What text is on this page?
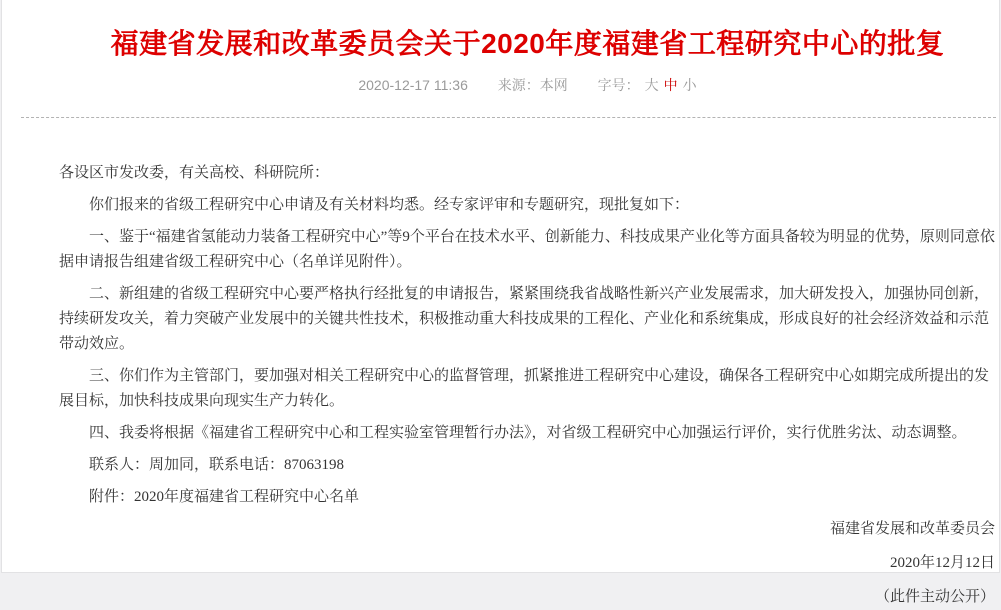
福建省发展和改革委员会关于2020年度福建省工程研究中心的批复
2020-12-17 11:36 来源：本网 字号： 大 中 小

各设区市发改委，有关高校、科研院所：

你们报来的省级工程研究中心申请及有关材料均悉。经专家评审和专题研究，现批复如下：

一、鉴于“福建省氢能动力装备工程研究中心”等9个平台在技术水平、创新能力、科技成果产业化等方面具备较为明显的优势，原则同意依据申请报告组建省级工程研究中心（名单详见附件）。

二、新组建的省级工程研究中心要严格执行经批复的申请报告，紧紧围绕我省战略性新兴产业发展需求，加大研发投入，加强协同创新，持续研发攻关，着力突破产业发展中的关键共性技术，积极推动重大科技成果的工程化、产业化和系统集成，形成良好的社会经济效益和示范带动效应。

三、你们作为主管部门，要加强对相关工程研究中心的监督管理，抓紧推进工程研究中心建设，确保各工程研究中心如期完成所提出的发展目标，加快科技成果向现实生产力转化。

四、我委将根据《福建省工程研究中心和工程实验室管理暂行办法》，对省级工程研究中心加强运行评价，实行优胜劣汰、动态调整。

联系人：周加同，联系电话：87063198

附件：2020年度福建省工程研究中心名单

福建省发展和改革委员会

2020年12月12日

（此件主动公开）
